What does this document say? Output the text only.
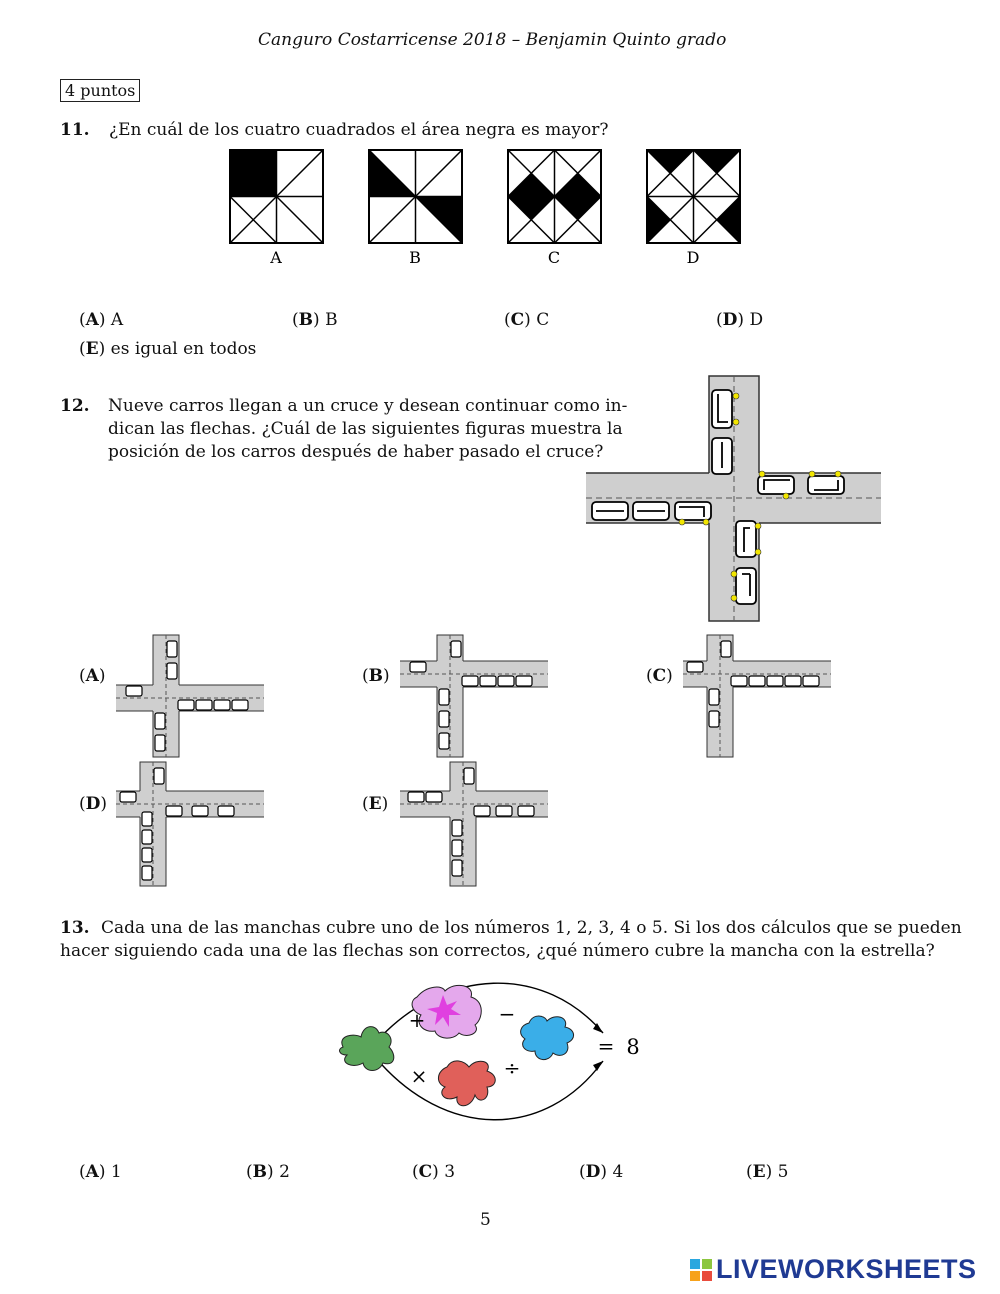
Canguro Costarricense 2018 – Benjamin Quinto grado
4 puntos
11. ¿En cuál de los cuatro cuadrados el área negra es mayor?
A	B	C	D
(A) A	(B) B	(C) C	(D) D
(E) es igual en todos
12. Nueve carros llegan a un cruce y desean continuar como in-
dican las flechas. ¿Cuál de las siguientes figuras muestra la
posición de los carros después de haber pasado el cruce?
(A)	(B)	(C)
(D)	(E)
13. Cada una de las manchas cubre uno de los números 1, 2, 3, 4 o 5. Si los dos cálculos que se pueden
hacer siguiendo cada una de las flechas son correctos, ¿qué número cubre la mancha con la estrella?
+	−
×	÷
= 8
(A) 1	(B) 2	(C) 3	(D) 4	(E) 5
5
LIVEWORKSHEETS
